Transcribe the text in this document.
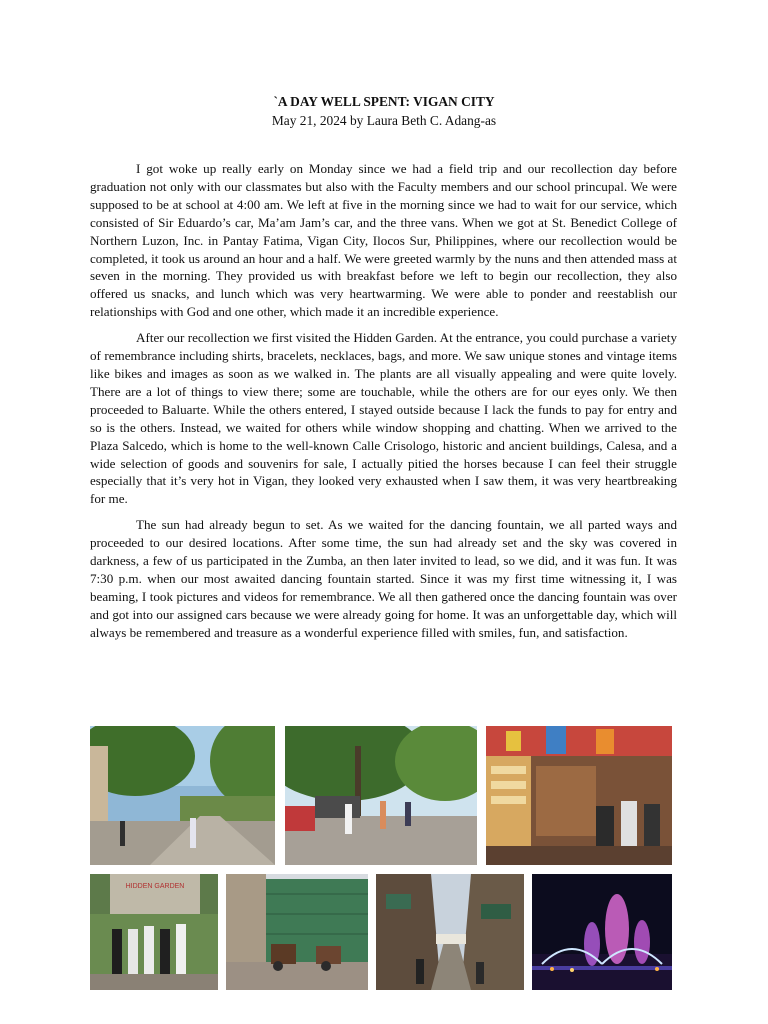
`A DAY WELL SPENT: VIGAN CITY
May 21, 2024 by Laura Beth C. Adang-as

I got woke up really early on Monday since we had a field trip and our recollection day before graduation not only with our classmates but also with the Faculty members and our school princupal. We were supposed to be at school at 4:00 am. We left at five in the morning since we had to wait for our service, which consisted of Sir Eduardo’s car, Ma’am Jam’s car, and the three vans. When we got at St. Benedict College of Northern Luzon, Inc. in Pantay Fatima, Vigan City, Ilocos Sur, Philippines, where our recollection would be completed, it took us around an hour and a half. We were greeted warmly by the nuns and then attended mass at seven in the morning. They provided us with breakfast before we left to begin our recollection, they also offered us snacks, and lunch which was very heartwarming. We were able to ponder and reestablish our relationships with God and one other, which made it an incredible experience.

After our recollection we first visited the Hidden Garden. At the entrance, you could purchase a variety of remembrance including shirts, bracelets, necklaces, bags, and more. We saw unique stones and vintage items like bikes and images as soon as we walked in. The plants are all visually appealing and were quite lovely. There are a lot of things to view there; some are touchable, while the others are for our eyes only. We then proceeded to Baluarte. While the others entered, I stayed outside because I lack the funds to pay for entry and so is the others. Instead, we waited for others while window shopping and chatting. When we arrived to the Plaza Salcedo, which is home to the well-known Calle Crisologo, historic and ancient buildings, Calesa, and a wide selection of goods and souvenirs for sale, I actually pitied the horses because I can feel their struggle especially that it’s very hot in Vigan, they looked very exhausted when I saw them, it was very heartbreaking for me.

The sun had already begun to set. As we waited for the dancing fountain, we all parted ways and proceeded to our desired locations. After some time, the sun had already set and the sky was covered in darkness, a few of us participated in the Zumba, an then later invited to lead, so we did, and it was fun. It was 7:30 p.m. when our most awaited dancing fountain started. Since it was my first time witnessing it, I was beaming, I took pictures and videos for remembrance. We all then gathered once the dancing fountain was over and got into our assigned cars because we were already going for home. It was an unforgettable day, which will always be remembered and treasure as a wonderful experience filled with smiles, fun, and satisfaction.

HIDDEN GARDEN
